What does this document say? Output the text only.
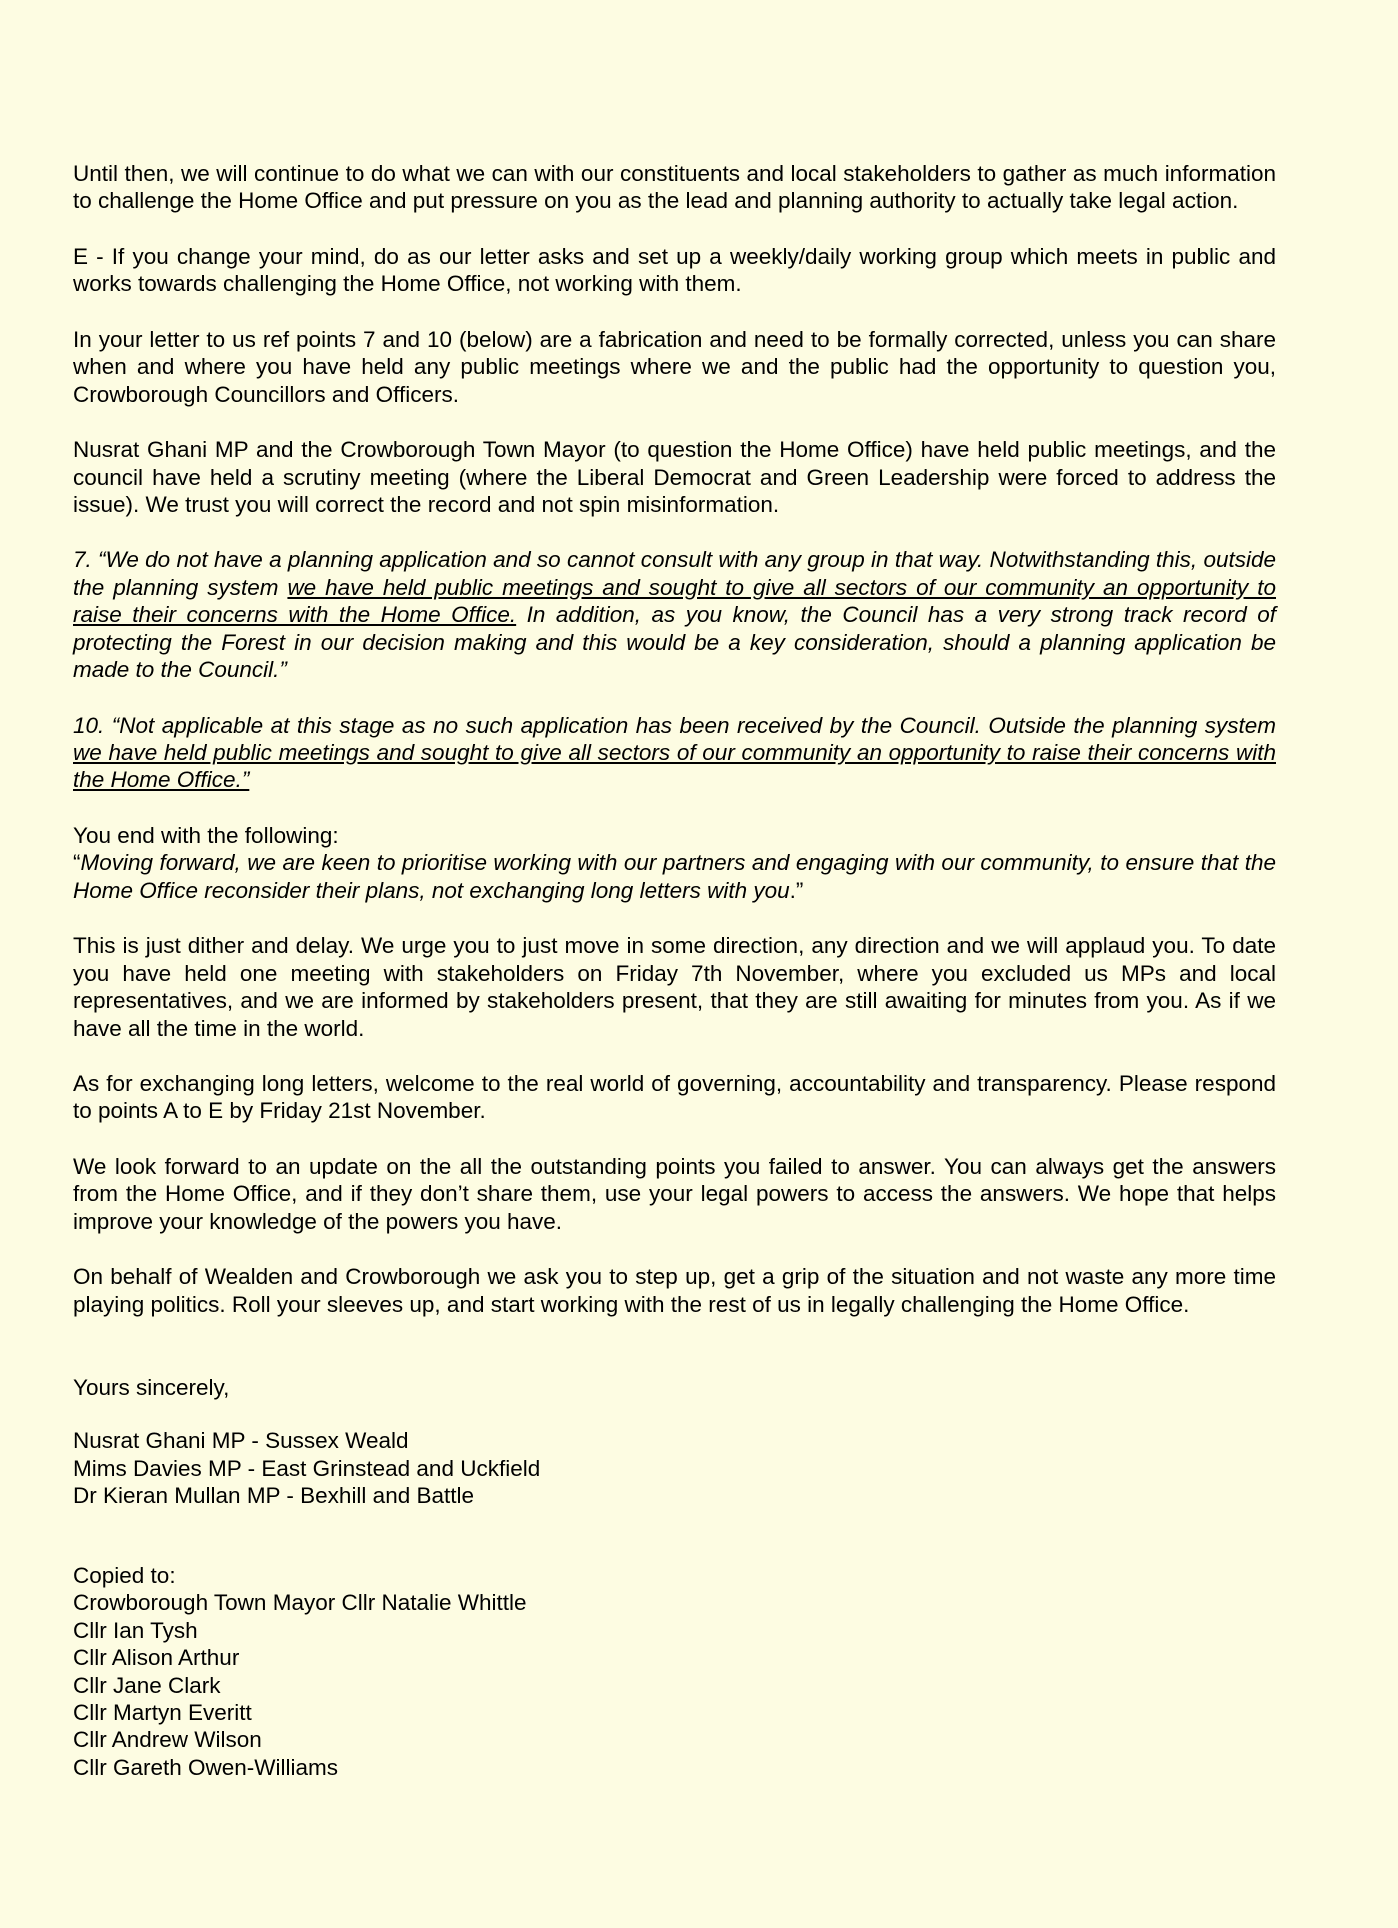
Until then, we will continue to do what we can with our constituents and local stakeholders to gather as much information to challenge the Home Office and put pressure on you as the lead and planning authority to actually take legal action.

E - If you change your mind, do as our letter asks and set up a weekly/daily working group which meets in public and works towards challenging the Home Office, not working with them.

In your letter to us ref points 7 and 10 (below) are a fabrication and need to be formally corrected, unless you can share when and where you have held any public meetings where we and the public had the opportunity to question you, Crowborough Councillors and Officers.

Nusrat Ghani MP and the Crowborough Town Mayor (to question the Home Office) have held public meetings, and the council have held a scrutiny meeting (where the Liberal Democrat and Green Leadership were forced to address the issue). We trust you will correct the record and not spin misinformation.

7. “We do not have a planning application and so cannot consult with any group in that way. Notwithstanding this, outside the planning system we have held public meetings and sought to give all sectors of our community an opportunity to raise their concerns with the Home Office. In addition, as you know, the Council has a very strong track record of protecting the Forest in our decision making and this would be a key consideration, should a planning application be made to the Council.”

10. “Not applicable at this stage as no such application has been received by the Council. Outside the planning system we have held public meetings and sought to give all sectors of our community an opportunity to raise their concerns with the Home Office.”

You end with the following:

“Moving forward, we are keen to prioritise working with our partners and engaging with our community, to ensure that the Home Office reconsider their plans, not exchanging long letters with you.”

This is just dither and delay. We urge you to just move in some direction, any direction and we will applaud you. To date you have held one meeting with stakeholders on Friday 7th November, where you excluded us MPs and local representatives, and we are informed by stakeholders present, that they are still awaiting for minutes from you. As if we have all the time in the world.

As for exchanging long letters, welcome to the real world of governing, accountability and transparency. Please respond to points A to E by Friday 21st November.

We look forward to an update on the all the outstanding points you failed to answer. You can always get the answers from the Home Office, and if they don’t share them, use your legal powers to access the answers. We hope that helps improve your knowledge of the powers you have.

On behalf of Wealden and Crowborough we ask you to step up, get a grip of the situation and not waste any more time playing politics. Roll your sleeves up, and start working with the rest of us in legally challenging the Home Office.

Yours sincerely,

Nusrat Ghani MP - Sussex Weald

Mims Davies MP - East Grinstead and Uckfield

Dr Kieran Mullan MP - Bexhill and Battle

Copied to:

Crowborough Town Mayor Cllr Natalie Whittle

Cllr Ian Tysh

Cllr Alison Arthur

Cllr Jane Clark

Cllr Martyn Everitt

Cllr Andrew Wilson

Cllr Gareth Owen-Williams
